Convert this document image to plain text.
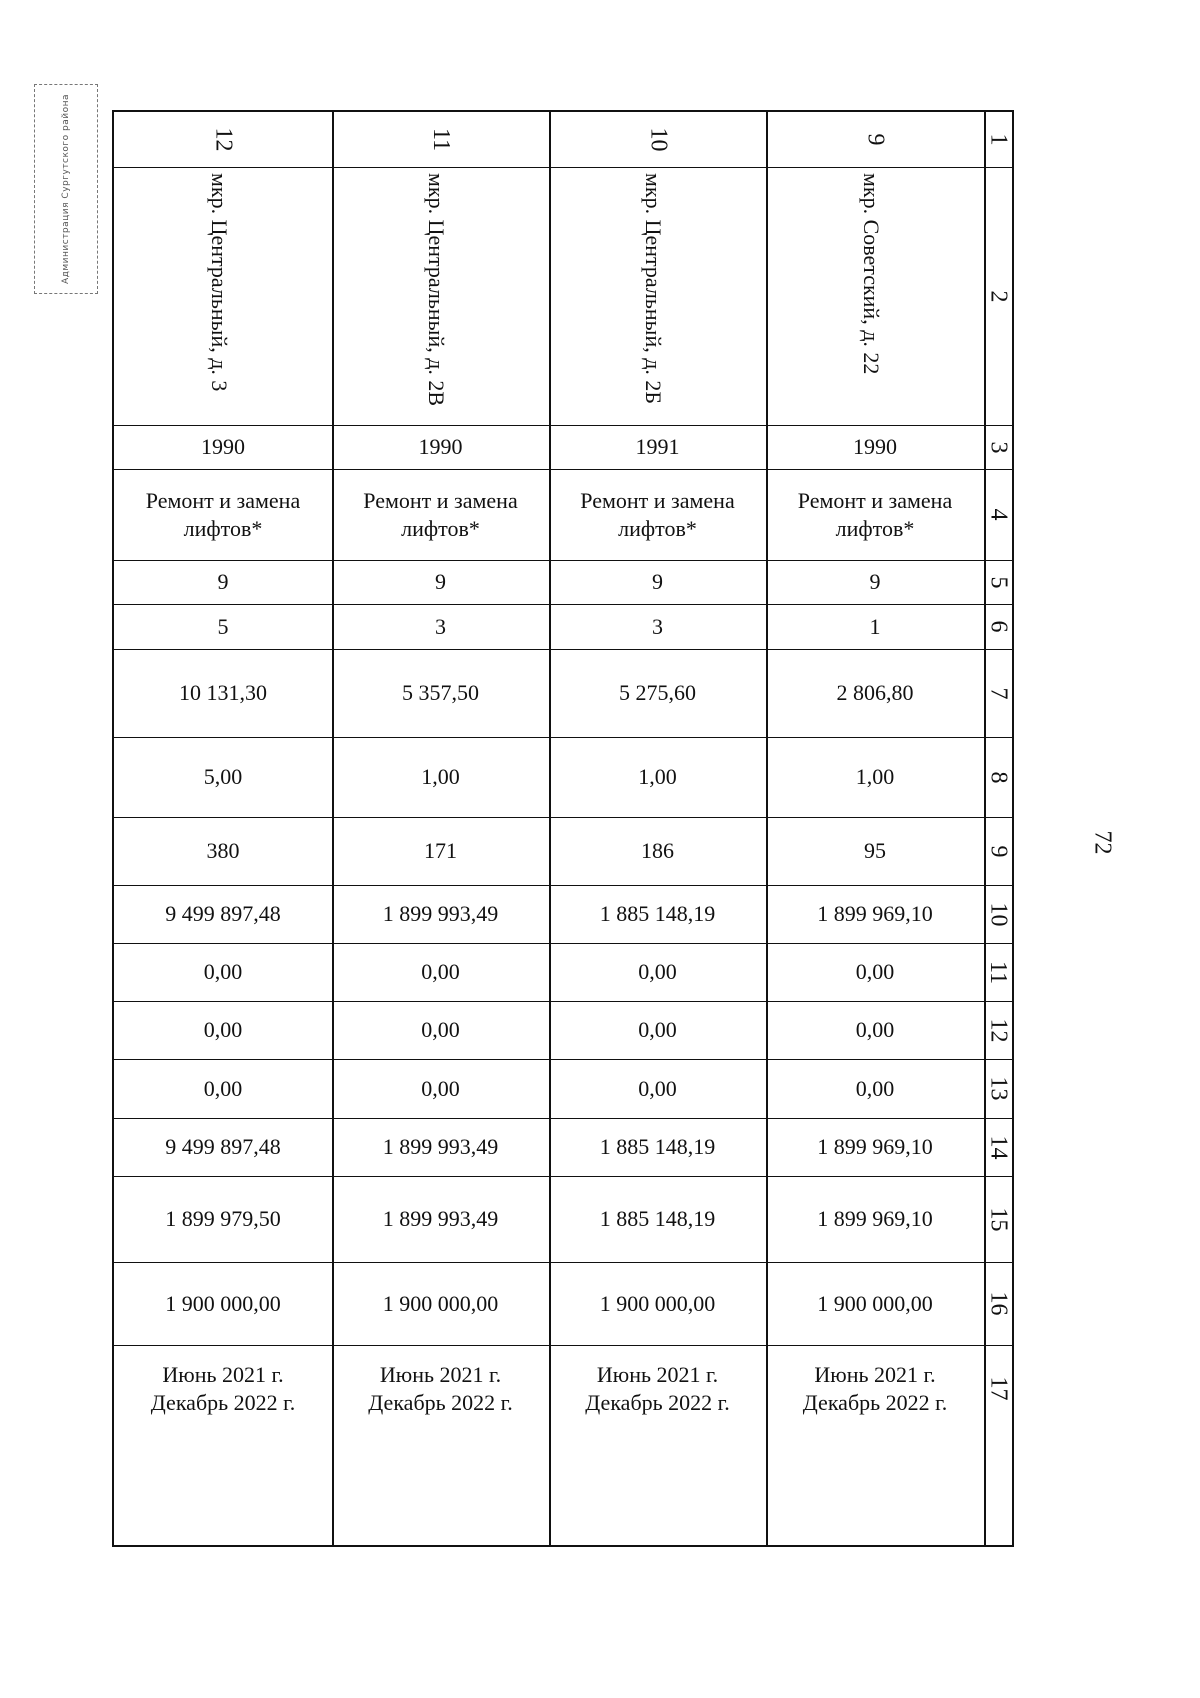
Администрация Сургутского района	12
мкр. Центральный, д. 3
1990
Ремонт и замена лифтов*
9
5
10 131,30
5,00
380
9 499 897,48
0,00
0,00
0,00
9 499 897,48
1 899 979,50
1 900 000,00
Июнь 2021 г.
Декабрь 2022 г.
11
мкр. Центральный, д. 2В
1990
Ремонт и замена лифтов*
9
3
5 357,50
1,00
171
1 899 993,49
0,00
0,00
0,00
1 899 993,49
1 899 993,49
1 900 000,00
Июнь 2021 г.
Декабрь 2022 г.
10
мкр. Центральный, д. 2Б
1991
Ремонт и замена лифтов*
9
3
5 275,60
1,00
186
1 885 148,19
0,00
0,00
0,00
1 885 148,19
1 885 148,19
1 900 000,00
Июнь 2021 г.
Декабрь 2022 г.
9
мкр. Советский, д. 22
1990
Ремонт и замена лифтов*
9
1
2 806,80
1,00
95
1 899 969,10
0,00
0,00
0,00
1 899 969,10
1 899 969,10
1 900 000,00
Июнь 2021 г.
Декабрь 2022 г.
1
2
3
4
5
6
7
8
9
10
11
12
13
14
15
16
17
72
